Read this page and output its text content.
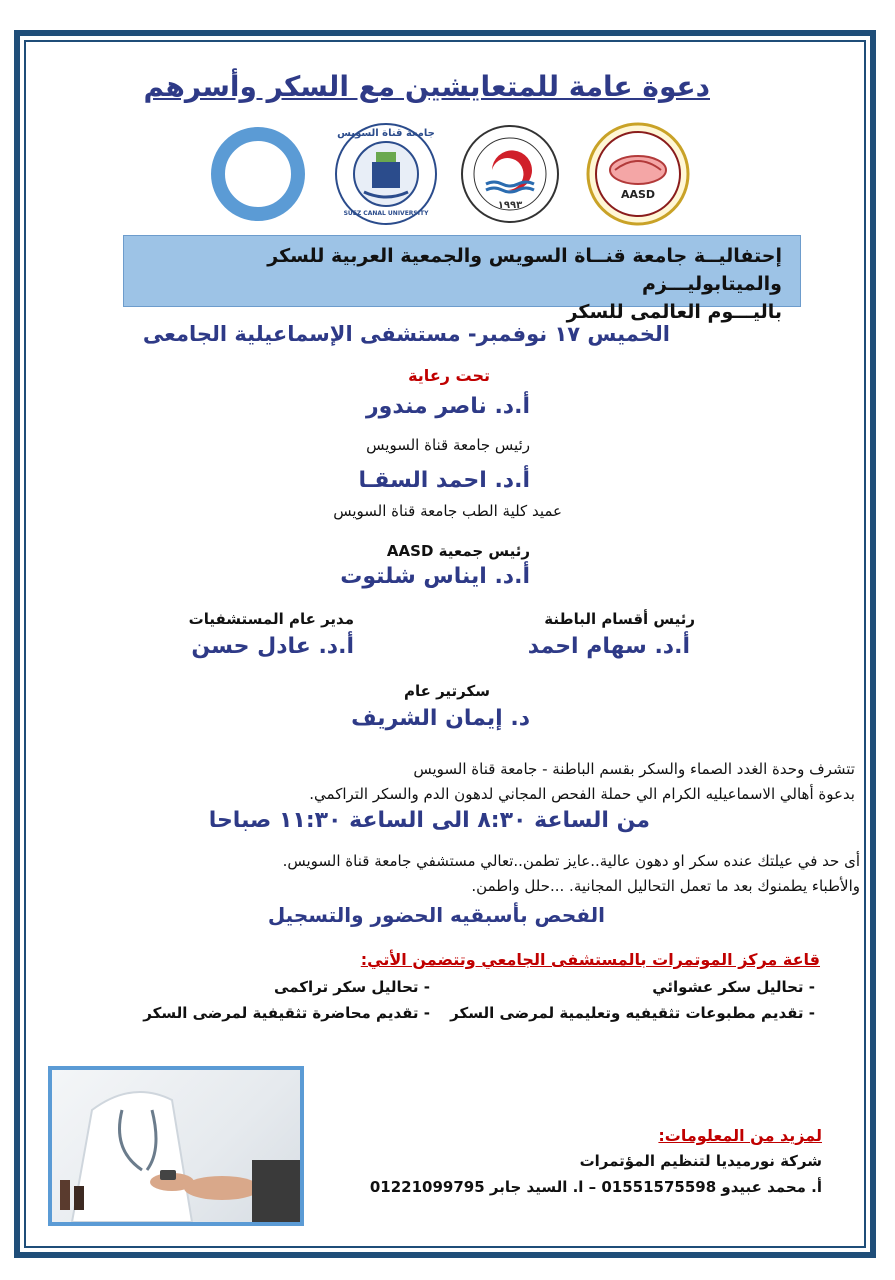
دعوة عامة للمتعايشين مع السكر وأسرهم
جامعة قناة السويس
SUEZ CANAL UNIVERSITY
١٩٩٣
AASD
إحتفاليــة جامعة قنــاة السويس والجمعية العربية للسكر والميتابوليـــزم
باليـــوم العالمى للسكر
الخميس ١٧ نوفمبر- مستشفى الإسماعيلية الجامعى
تحت رعاية
أ.د. ناصر مندور
رئيس جامعة قناة السويس
أ.د. احمد السقـا
عميد كلية الطب جامعة قناة السويس
رئيس جمعية AASD
أ.د. ايناس شلتوت
رئيس أقسام الباطنة
أ.د. سهام احمد
مدير عام المستشفيات
أ.د. عادل حسن
سكرتير عام
د. إيمان الشريف
تتشرف وحدة الغدد الصماء والسكر بقسم الباطنة - جامعة قناة السويس
بدعوة أهالي الاسماعيليه الكرام الي حملة الفحص المجاني لدهون الدم والسكر التراكمي.
من الساعة ٨:٣٠ الى الساعة ١١:٣٠ صباحا
أى حد في عيلتك عنده سكر او دهون عالية..عايز تطمن..تعالي مستشفي جامعة قناة السويس.
والأطباء يطمنوك بعد ما تعمل التحاليل المجانية. ...حلل واطمن.
الفحص بأسبقيه الحضور والتسجيل
قاعة مركز الموتمرات بالمستشفى الجامعي وتتضمن الأتي:
- تحاليل سكر عشوائي
- تحاليل سكر تراكمى
- تقديم مطبوعات تثقيفيه وتعليمية لمرضى السكر
- تقديم محاضرة تثقيفية لمرضى السكر
لمزيد من المعلومات:
شركة نورميديا لتنظيم المؤتمرات
أ. محمد عبيدو 01551575598 – ا. السيد جابر 01221099795
